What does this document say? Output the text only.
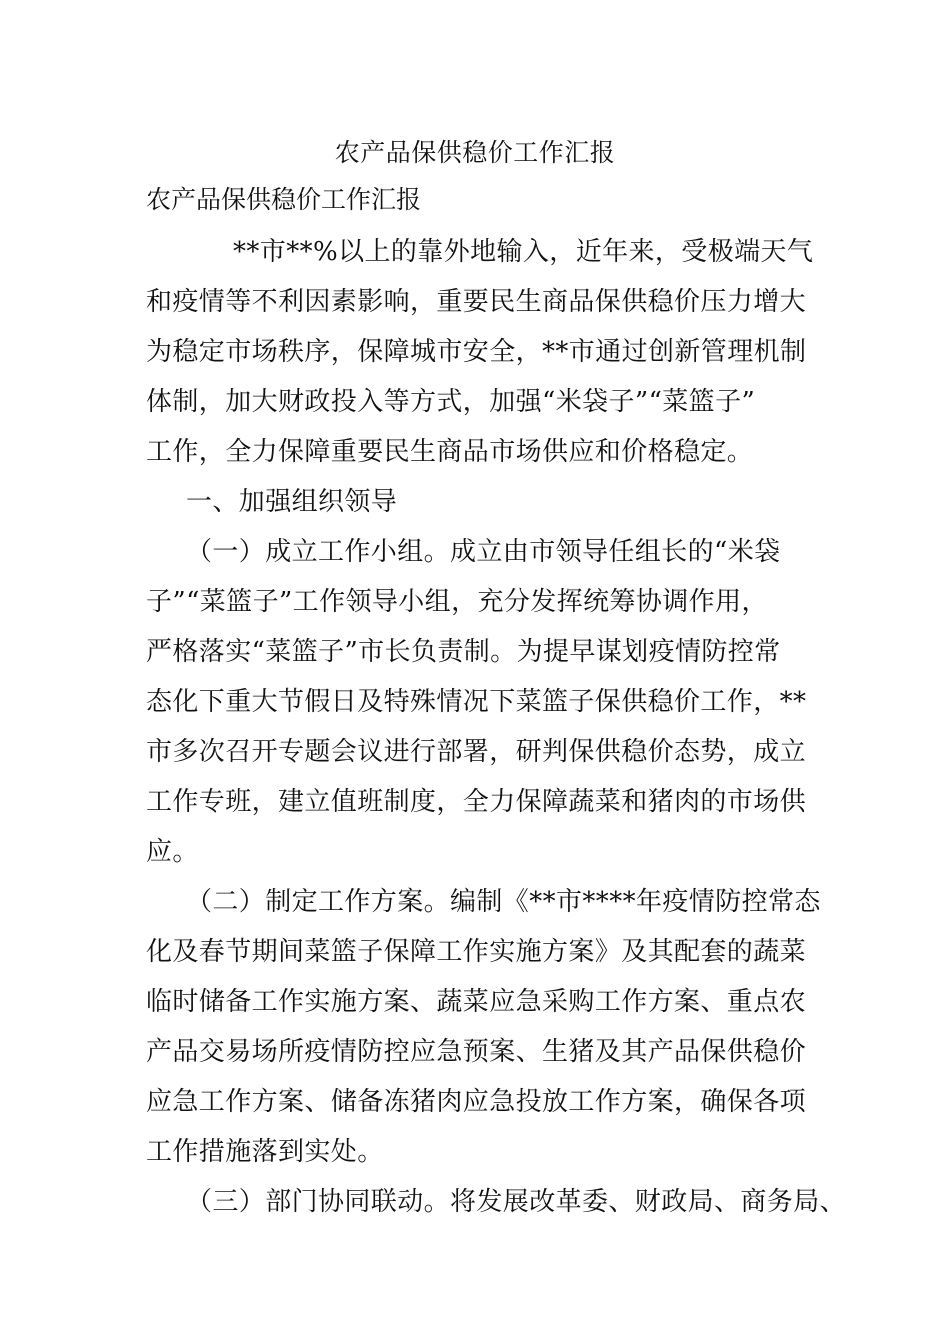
农产品保供稳价工作汇报
农产品保供稳价工作汇报
**市**%以上的靠外地输入，近年来，受极端天气
和疫情等不利因素影响，重要民生商品保供稳价压力增大
为稳定市场秩序，保障城市安全，**市通过创新管理机制
体制，加大财政投入等方式，加强“米袋子”“菜篮子”
工作，全力保障重要民生商品市场供应和价格稳定。
一、加强组织领导
（一）成立工作小组。成立由市领导任组长的“米袋
子”“菜篮子”工作领导小组，充分发挥统筹协调作用，
严格落实“菜篮子”市长负责制。为提早谋划疫情防控常
态化下重大节假日及特殊情况下菜篮子保供稳价工作，**
市多次召开专题会议进行部署，研判保供稳价态势，成立
工作专班，建立值班制度，全力保障蔬菜和猪肉的市场供
应。
（二）制定工作方案。编制《**市****年疫情防控常态
化及春节期间菜篮子保障工作实施方案》及其配套的蔬菜
临时储备工作实施方案、蔬菜应急采购工作方案、重点农
产品交易场所疫情防控应急预案、生猪及其产品保供稳价
应急工作方案、储备冻猪肉应急投放工作方案，确保各项
工作措施落到实处。
（三）部门协同联动。将发展改革委、财政局、商务局、
